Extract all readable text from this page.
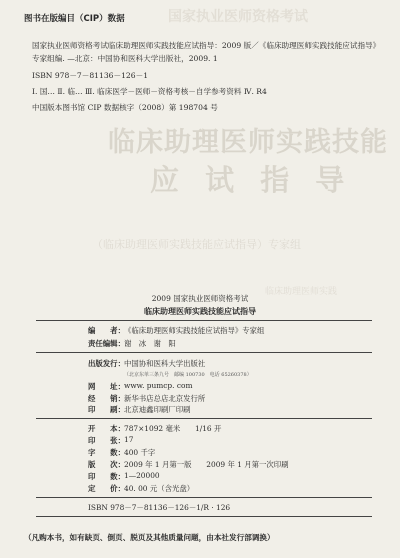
国家执业医师资格考试
临床助理医师实践技能
应 试 指 导
（临床助理医师实践技能应试指导）专家组
临床助理医师实践
图书在版编目（CIP）数据
国家执业医师资格考试临床助理医师实践技能应试指导：2009 版／《临床助理医师实践技能应试指导》专家组编. —北京：中国协和医科大学出版社，2009. 1
ISBN 978－7－81136－126－1
Ⅰ. 国… Ⅱ. 临… Ⅲ. 临床医学－医师－资格考核－自学参考资料 Ⅳ. R4
中国版本图书馆 CIP 数据核字（2008）第 198704 号
2009 国家执业医师资格考试
临床助理医师实践技能应试指导
编　　者： 《临床助理医师实践技能应试指导》专家组
责任编辑： 谢　冰　谢　阳
出版发行： 中国协和医科大学出版社
（北京东单三条九号　邮编 100730　电话 65260378）
网　　址： www. pumcp. com
经　　销： 新华书店总店北京发行所
印　　刷： 北京迪鑫印刷厂印刷
开　　本： 787×1092 毫米　　1/16 开
印　　张： 17
字　　数： 400 千字
版　　次： 2009 年 1 月第一版　　2009 年 1 月第一次印刷
印　　数： 1—20000
定　　价： 40. 00 元（含光盘）
ISBN 978－7－81136－126－1/R · 126
（凡购本书，如有缺页、倒页、脱页及其他质量问题，由本社发行部调换）
